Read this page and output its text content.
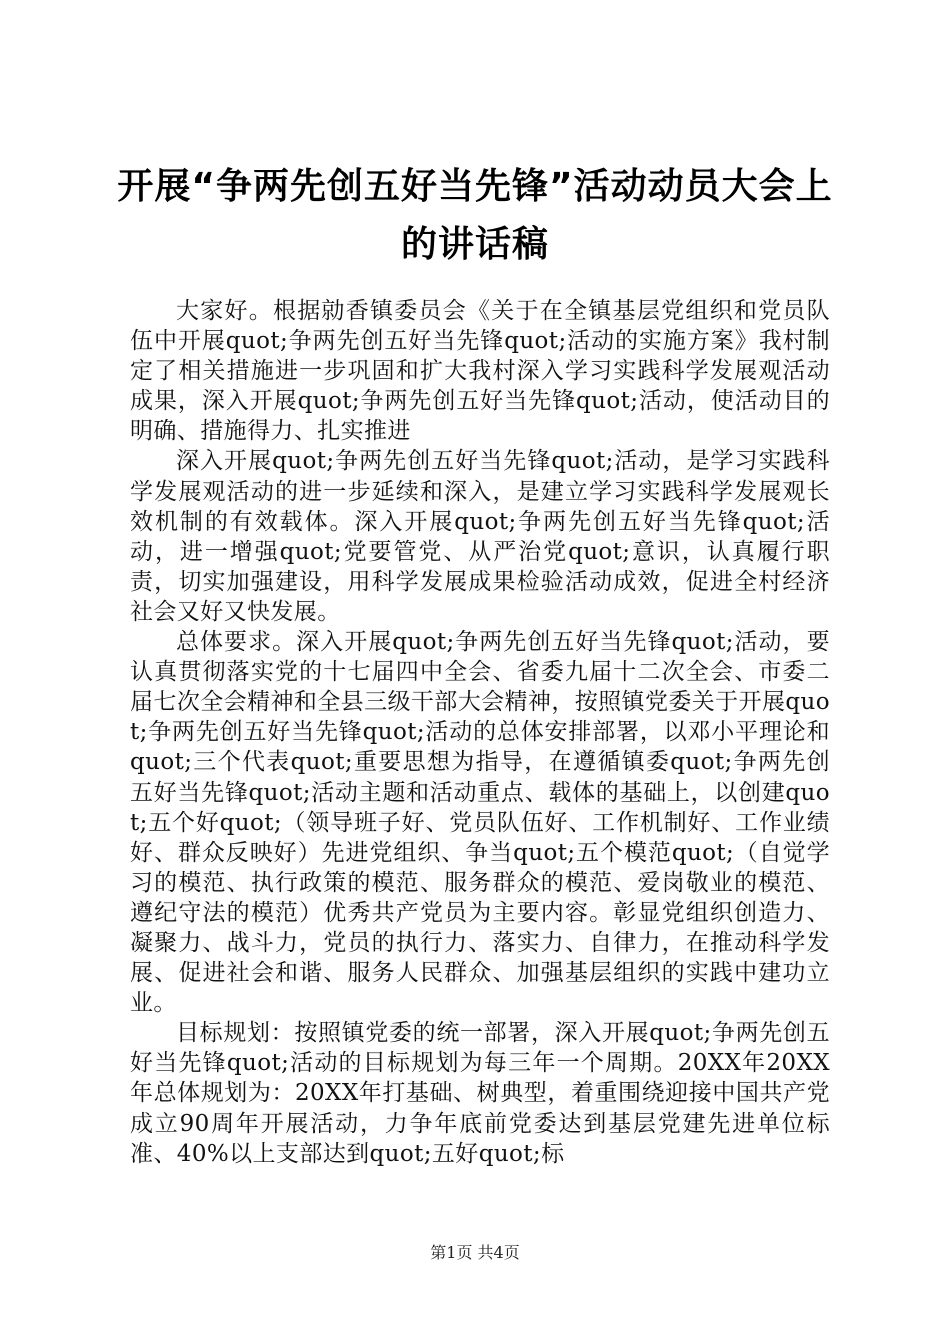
开展“争两先创五好当先锋”活动动员大会上的讲话稿

大家好。根据勍香镇委员会《关于在全镇基层党组织和党员队伍中开展quot;争两先创五好当先锋quot;活动的实施方案》我村制定了相关措施进一步巩固和扩大我村深入学习实践科学发展观活动成果，深入开展quot;争两先创五好当先锋quot;活动，使活动目的明确、措施得力、扎实推进

深入开展quot;争两先创五好当先锋quot;活动，是学习实践科学发展观活动的进一步延续和深入，是建立学习实践科学发展观长效机制的有效载体。深入开展quot;争两先创五好当先锋quot;活动，进一增强quot;党要管党、从严治党quot;意识，认真履行职责，切实加强建设，用科学发展成果检验活动成效，促进全村经济社会又好又快发展。

总体要求。深入开展quot;争两先创五好当先锋quot;活动，要认真贯彻落实党的十七届四中全会、省委九届十二次全会、市委二届七次全会精神和全县三级干部大会精神，按照镇党委关于开展quot;争两先创五好当先锋quot;活动的总体安排部署，以邓小平理论和quot;三个代表quot;重要思想为指导，在遵循镇委quot;争两先创五好当先锋quot;活动主题和活动重点、载体的基础上，以创建quot;五个好quot;（领导班子好、党员队伍好、工作机制好、工作业绩好、群众反映好）先进党组织、争当quot;五个模范quot;（自觉学习的模范、执行政策的模范、服务群众的模范、爱岗敬业的模范、遵纪守法的模范）优秀共产党员为主要内容。彰显党组织创造力、凝聚力、战斗力，党员的执行力、落实力、自律力，在推动科学发展、促进社会和谐、服务人民群众、加强基层组织的实践中建功立业。

目标规划：按照镇党委的统一部署，深入开展quot;争两先创五好当先锋quot;活动的目标规划为每三年一个周期。20XX年20XX年总体规划为：20XX年打基础、树典型，着重围绕迎接中国共产党成立90周年开展活动，力争年底前党委达到基层党建先进单位标准、40%以上支部达到quot;五好quot;标

第1页 共4页
